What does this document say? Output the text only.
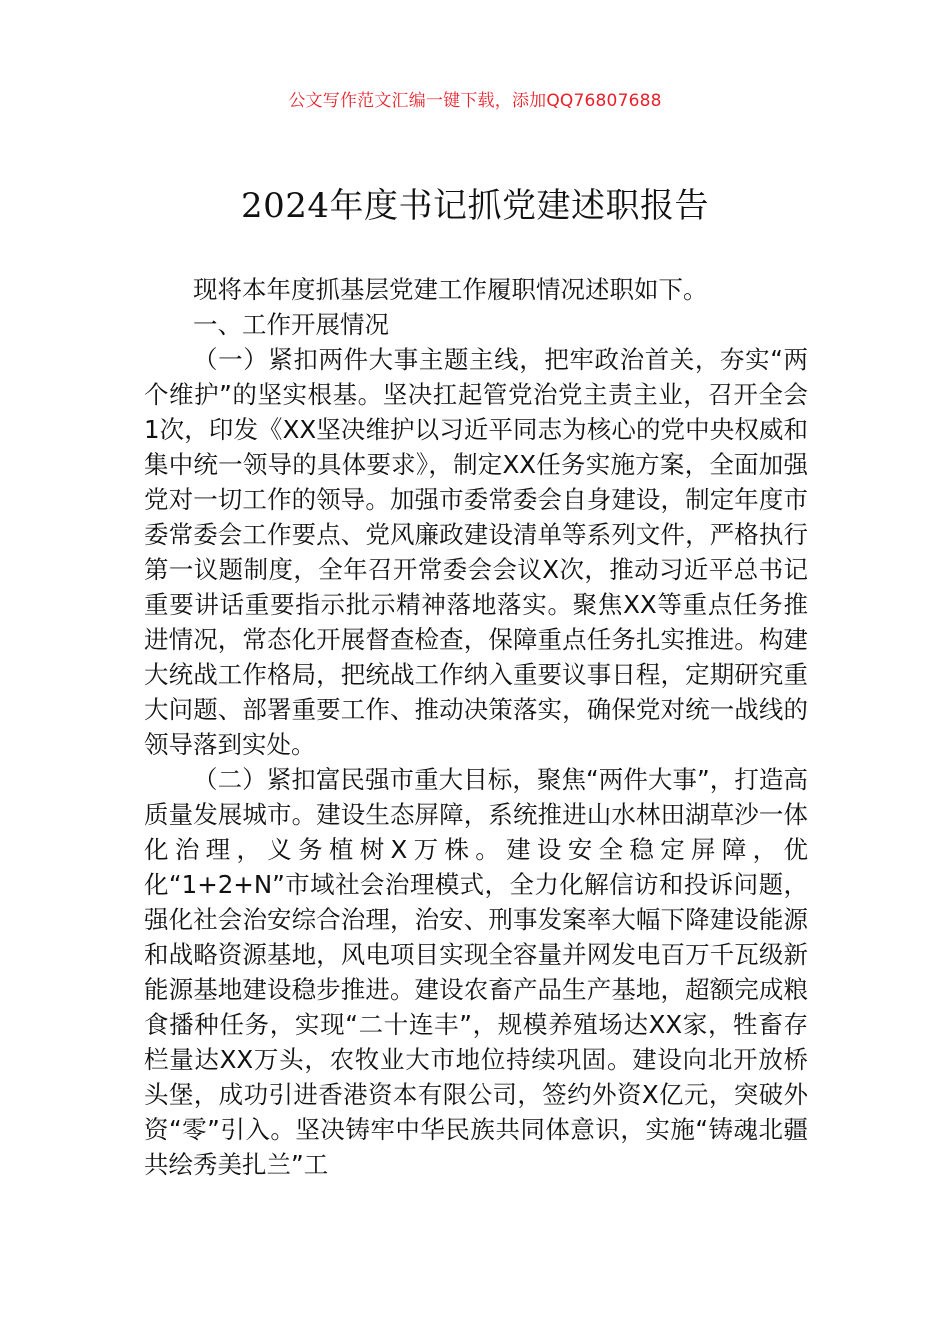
公文写作范文汇编一键下载，添加QQ76807688
2024年度书记抓党建述职报告

现将本年度抓基层党建工作履职情况述职如下。

一、工作开展情况

（一）紧扣两件大事主题主线，把牢政治首关，夯实“两个维护”的坚实根基。坚决扛起管党治党主责主业，召开全会1次，印发《XX坚决维护以习近平同志为核心的党中央权威和集中统一领导的具体要求》，制定XX任务实施方案，全面加强党对一切工作的领导。加强市委常委会自身建设，制定年度市委常委会工作要点、党风廉政建设清单等系列文件，严格执行第一议题制度，全年召开常委会会议X次，推动习近平总书记重要讲话重要指示批示精神落地落实。聚焦XX等重点任务推进情况，常态化开展督查检查，保障重点任务扎实推进。构建大统战工作格局，把统战工作纳入重要议事日程，定期研究重大问题、部署重要工作、推动决策落实，确保党对统一战线的领导落到实处。

（二）紧扣富民强市重大目标，聚焦“两件大事”，打造高质量发展城市。建设生态屏障，系统推进山水林田湖草沙一体化治理，义务植树X万株。建设安全稳定屏障，优化“1+2+N”市域社会治理模式，全力化解信访和投诉问题，强化社会治安综合治理，治安、刑事发案率大幅下降建设能源和战略资源基地，风电项目实现全容量并网发电百万千瓦级新能源基地建设稳步推进。建设农畜产品生产基地，超额完成粮食播种任务，实现“二十连丰”，规模养殖场达XX家，牲畜存栏量达XX万头，农牧业大市地位持续巩固。建设向北开放桥头堡，成功引进香港资本有限公司，签约外资X亿元，突破外资“零”引入。坚决铸牢中华民族共同体意识，实施“铸魂北疆共绘秀美扎兰”工
